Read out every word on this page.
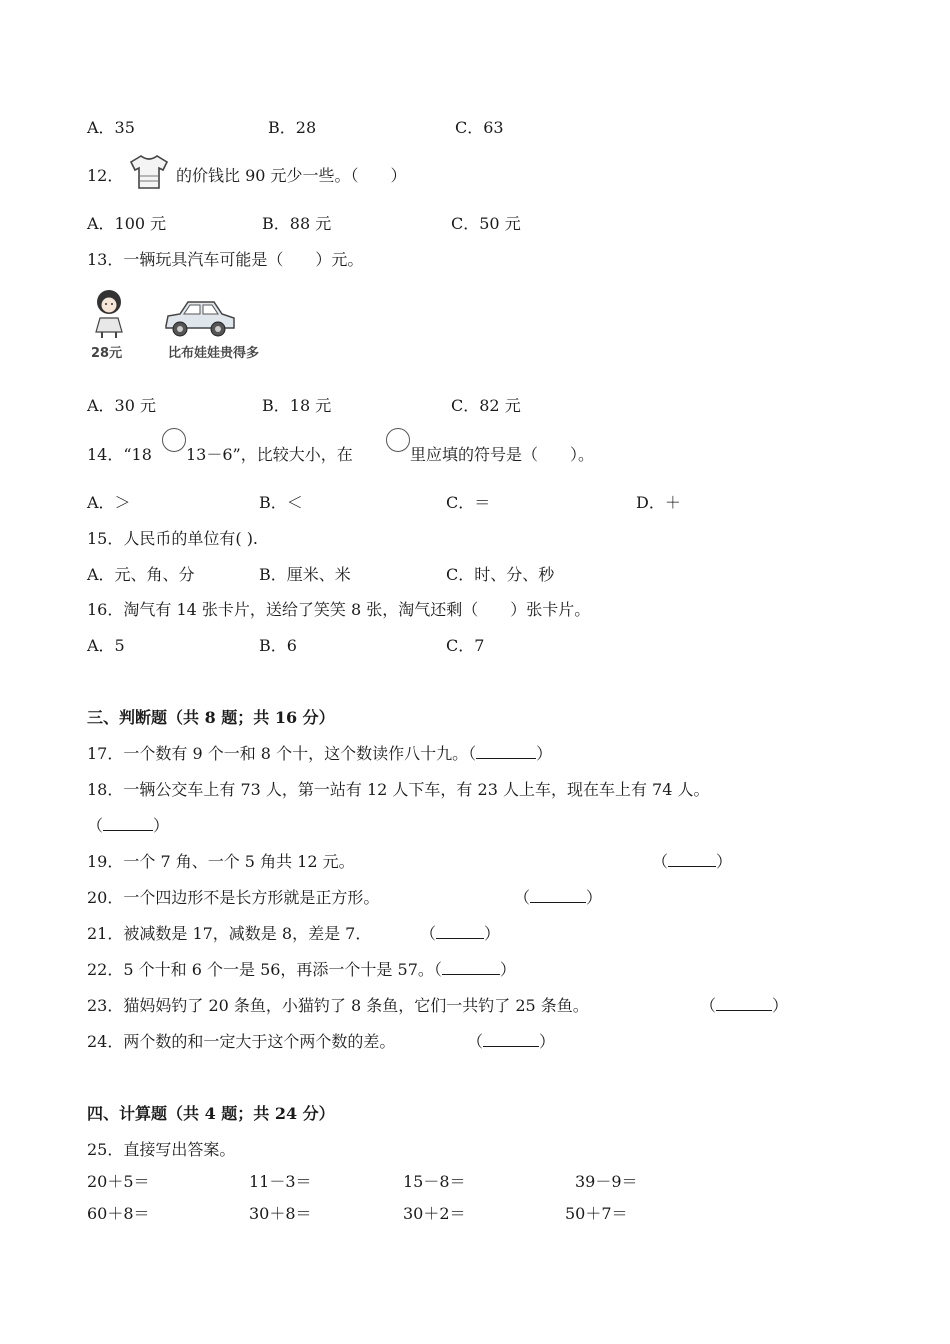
A．35	B．28	C．63
12．	的价钱比 90 元少一些。（　　）
A．100 元	B．88 元	C．50 元
13．一辆玩具汽车可能是（　　）元。
28元	比布娃娃贵得多
A．30 元	B．18 元	C．82 元
14．“18 13－6”，比较大小，在	里应填的符号是（　　）。
A．＞	B．＜	C．＝	D．＋
15．人民币的单位有( ).
A．元、角、分	B．厘米、米	C．时、分、秒
16．淘气有 14 张卡片，送给了笑笑 8 张，淘气还剩（　　）张卡片。
A．5	B．6	C．7
三、判断题（共 8 题；共 16 分）
17．一个数有 9 个一和 8 个十，这个数读作八十九。（	）
18．一辆公交车上有 73 人，第一站有 12 人下车，有 23 人上车，现在车上有 74 人。
（	）
19．一个 7 角、一个 5 角共 12 元。	（	）
20．一个四边形不是长方形就是正方形。	（	）
21．被减数是 17，减数是 8，差是 7．	（	）
22．5 个十和 6 个一是 56，再添一个十是 57。（	）
23．猫妈妈钓了 20 条鱼，小猫钓了 8 条鱼，它们一共钓了 25 条鱼。	（	）
24．两个数的和一定大于这个两个数的差。	（	）
四、计算题（共 4 题；共 24 分）
25．直接写出答案。
20＋5＝	11－3＝	15－8＝	39－9＝
60＋8＝	30＋8＝	30＋2＝	50＋7＝
